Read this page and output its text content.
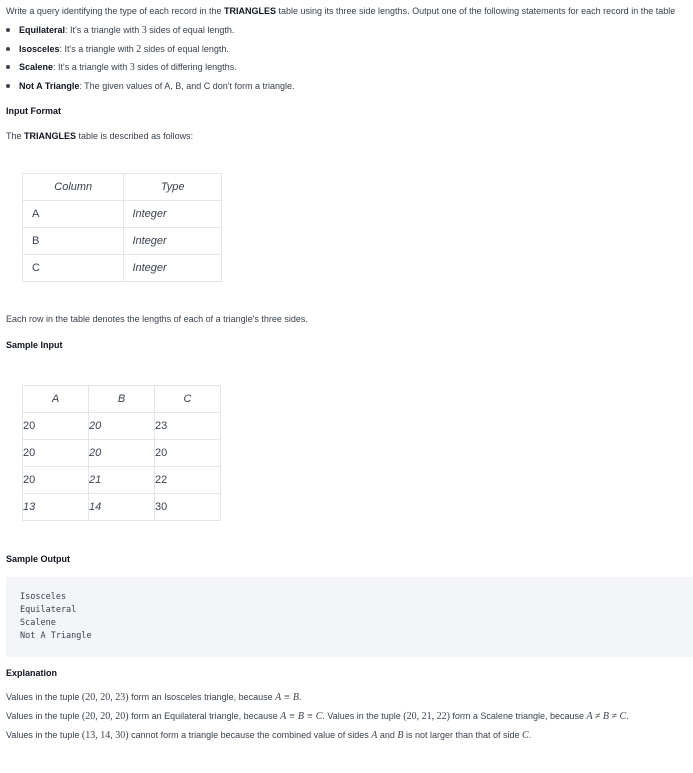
Write a query identifying the type of each record in the TRIANGLES table using its three side lengths. Output one of the following statements for each record in the table
Equilateral: It's a triangle with 3 sides of equal length.
Isosceles: It's a triangle with 2 sides of equal length.
Scalene: It's a triangle with 3 sides of differing lengths.
Not A Triangle: The given values of A, B, and C don't form a triangle.
Input Format
The TRIANGLES table is described as follows:
Column	Type
A	Integer
B	Integer
C	Integer
Each row in the table denotes the lengths of each of a triangle's three sides.
Sample Input
A	B	C
20	20	23
20	20	20
20	21	22
13	14	30
Sample Output
Isosceles
Equilateral
Scalene
Not A Triangle
Explanation
Values in the tuple (20, 20, 23) form an Isosceles triangle, because A ≡ B.
Values in the tuple (20, 20, 20) form an Equilateral triangle, because A ≡ B ≡ C. Values in the tuple (20, 21, 22) form a Scalene triangle, because A ≠ B ≠ C.
Values in the tuple (13, 14, 30) cannot form a triangle because the combined value of sides A and B is not larger than that of side C.
